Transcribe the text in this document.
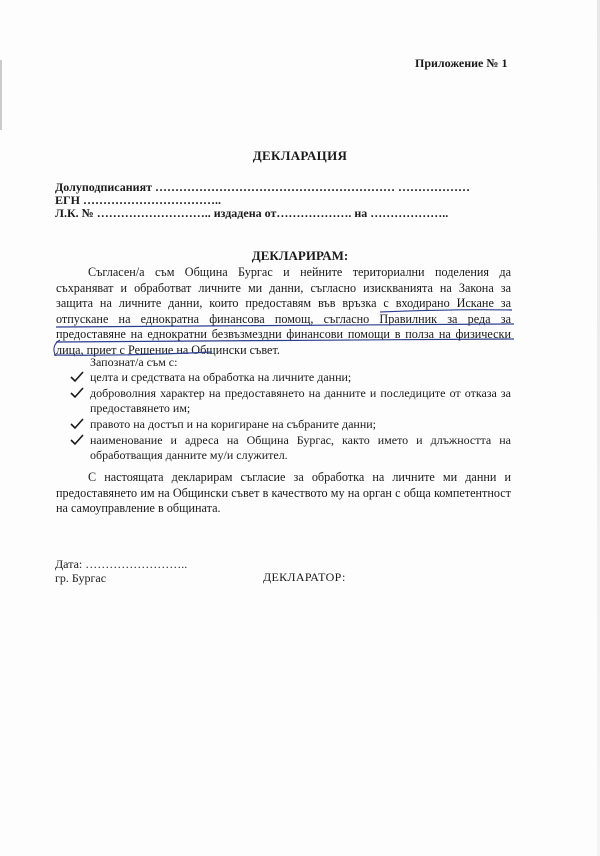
Приложение № 1
ДЕКЛАРАЦИЯ
Долуподписаният …………………………………………………… ………………
ЕГН ……………………………..
Л.К. № ……………………….. издадена от………………. на ………………..
ДЕКЛАРИРАМ:
Съгласен/а съм Община Бургас и нейните териториални поделения да съхраняват и обработват личните ми данни, съгласно изискванията на Закона за защита на личните данни, които предоставям във връзка с входирано Искане за отпускане на еднократна финансова помощ, съгласно Правилник за реда за предоставяне на еднократни безвъзмездни финансови помощи в полза на физически лица, приет с Решение на Общински съвет.
Запознат/а съм с:
целта и средствата на обработка на личните данни;
доброволния характер на предоставянето на данните и последиците от отказа за предоставянето им;
правото на достъп и на коригиране на събраните данни;
наименование и адреса на Община Бургас, както името и длъжността на обработващия данните му/и служител.
С настоящата декларирам съгласие за обработка на личните ми данни и предоставянето им на Общински съвет в качеството му на орган с обща компетентност на самоуправление в общината.
Дата: ……………………..
гр. Бургас	ДЕКЛАРАТОР:
